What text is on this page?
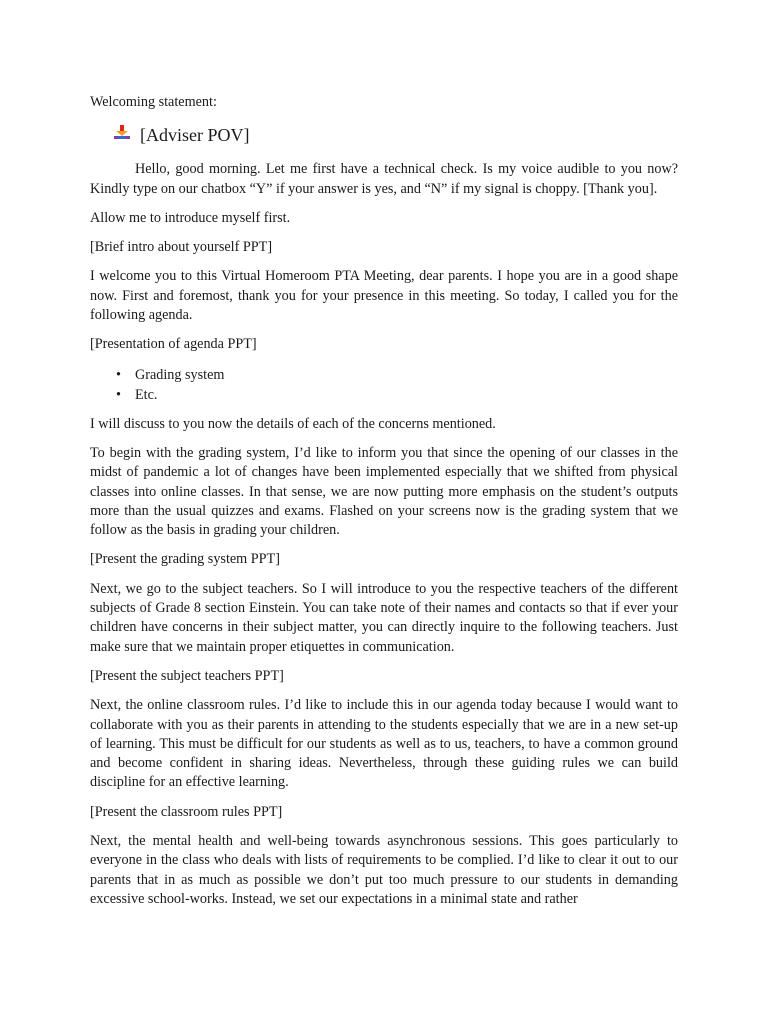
Welcoming statement:

[Adviser POV]

Hello, good morning. Let me first have a technical check. Is my voice audible to you now? Kindly type on our chatbox “Y” if your answer is yes, and “N” if my signal is choppy. [Thank you].

Allow me to introduce myself first.

[Brief intro about yourself PPT]

I welcome you to this Virtual Homeroom PTA Meeting, dear parents. I hope you are in a good shape now. First and foremost, thank you for your presence in this meeting. So today, I called you for the following agenda.

[Presentation of agenda PPT]

• Grading system
• Etc.

I will discuss to you now the details of each of the concerns mentioned.

To begin with the grading system, I’d like to inform you that since the opening of our classes in the midst of pandemic a lot of changes have been implemented especially that we shifted from physical classes into online classes. In that sense, we are now putting more emphasis on the student’s outputs more than the usual quizzes and exams. Flashed on your screens now is the grading system that we follow as the basis in grading your children.

[Present the grading system PPT]

Next, we go to the subject teachers. So I will introduce to you the respective teachers of the different subjects of Grade 8 section Einstein. You can take note of their names and contacts so that if ever your children have concerns in their subject matter, you can directly inquire to the following teachers. Just make sure that we maintain proper etiquettes in communication.

[Present the subject teachers PPT]

Next, the online classroom rules. I’d like to include this in our agenda today because I would want to collaborate with you as their parents in attending to the students especially that we are in a new set-up of learning. This must be difficult for our students as well as to us, teachers, to have a common ground and become confident in sharing ideas. Nevertheless, through these guiding rules we can build discipline for an effective learning.

[Present the classroom rules PPT]

Next, the mental health and well-being towards asynchronous sessions. This goes particularly to everyone in the class who deals with lists of requirements to be complied. I’d like to clear it out to our parents that in as much as possible we don’t put too much pressure to our students in demanding excessive school-works. Instead, we set our expectations in a minimal state and rather
